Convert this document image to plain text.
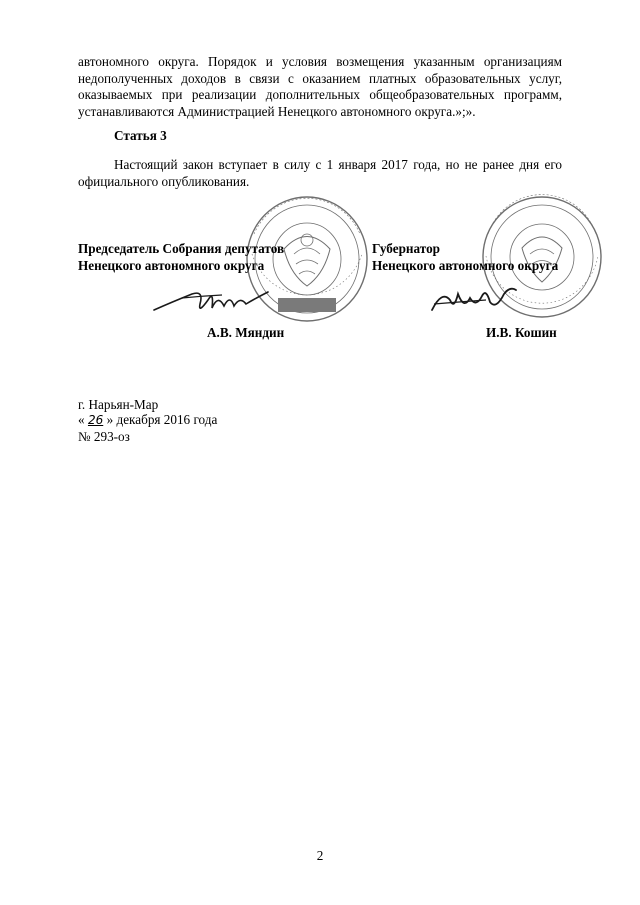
автономного округа. Порядок и условия возмещения указанным организациям недополученных доходов в связи с оказанием платных образовательных услуг, оказываемых при реализации дополнительных общеобразовательных программ, устанавливаются Администрацией Ненецкого автономного округа.»;».
Статья 3
Настоящий закон вступает в силу с 1 января 2017 года, но не ранее дня его официального опубликования.
Председатель Собрания депутатов
Ненецкого автономного округа
Губернатор
Ненецкого автономного округа
А.В. Мяндин	И.В. Кошин
г. Нарьян-Мар
« 26 » декабря 2016 года
№ 293-оз
2
